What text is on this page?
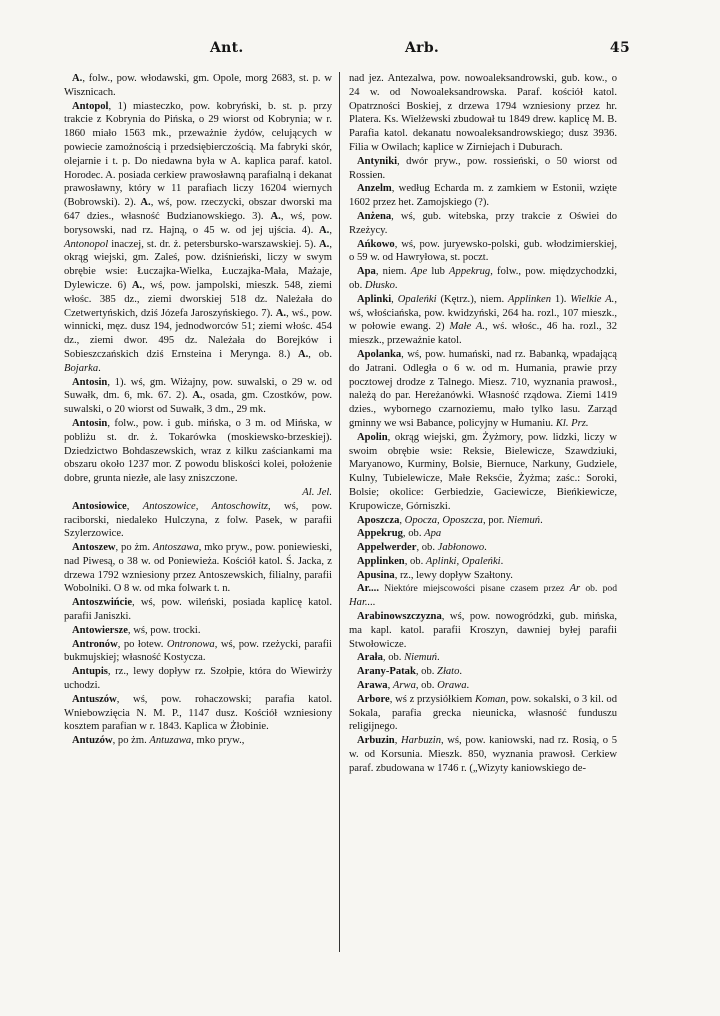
Ant.	Arb.	45

A., folw., pow. włodawski, gm. Opole, morg 2683, st. p. w Wisznicach.

Antopol, 1) miasteczko, pow. kobryński, b. st. p. przy trakcie z Kobrynia do Pińska, o 29 wiorst od Kobrynia; w r. 1860 miało 1563 mk., przeważnie żydów, celujących w powiecie zamożnością i przedsiębierczością. Ma fabryki skór, olejarnie i t. p. Do niedawna była w A. kaplica paraf. katol. Horodec. A. posiada cerkiew prawosławną parafialną i dekanat prawosławny, który w 11 parafiach liczy 16204 wiernych (Bobrowski). 2). A., wś, pow. rzeczycki, obszar dworski ma 647 dzies., własność Budzianowskiego. 3). A., wś, pow. borysowski, nad rz. Hajną, o 45 w. od jej ujścia. 4). A., Antonopol inaczej, st. dr. ż. petersbursko-warszawskiej. 5). A., okrąg wiejski, gm. Zaleś, pow. dziśnieński, liczy w swym obrębie wsie: Łuczajka-Wielka, Łuczajka-Mała, Mażaje, Dylewicze. 6) A., wś, pow. jampolski, mieszk. 548, ziemi włośc. 385 dz., ziemi dworskiej 518 dz. Należała do Czetwertyńskich, dziś Józefa Jaroszyńskiego. 7). A., wś., pow. winnicki, męz. dusz 194, jednodworców 51; ziemi włośc. 454 dz., ziemi dwor. 495 dz. Należała do Borejków i Sobieszczańskich dziś Ernsteina i Merynga. 8.) A., ob. Bojarka.

Antosin, 1). wś, gm. Wiżajny, pow. suwalski, o 29 w. od Suwałk, dm. 6, mk. 67. 2). A., osada, gm. Czostków, pow. suwalski, o 20 wiorst od Suwałk, 3 dm., 29 mk.

Antosin, folw., pow. i gub. mińska, o 3 m. od Mińska, w pobliżu st. dr. ż. Tokarówka (moskiewsko-brzeskiej). Dziedzictwo Bohdaszewskich, wraz z kilku zaściankami ma obszaru około 1237 mor. Z powodu bliskości kolei, położenie dobre, grunta niezłe, ale lasy zniszczone.

Al. Jel.

Antosiowice, Antoszowice, Antoschowitz, wś, pow. raciborski, niedaleko Hulczyna, z folw. Pasek, w parafii Szylerzowice.

Antoszew, po żm. Antoszawa, mko pryw., pow. poniewieski, nad Piwesą, o 38 w. od Poniewieża. Kościół katol. Ś. Jacka, z drzewa 1792 wzniesiony przez Antoszewskich, filialny, parafii Wobolniki. O 8 w. od mka folwark t. n.

Antoszwińcie, wś, pow. wileński, posiada kaplicę katol. parafii Janiszki.

Antowiersze, wś, pow. trocki.

Antronów, po łotew. Ontronowa, wś, pow. rzeżycki, parafii bukmujskiej; własność Kostycza.

Antupis, rz., lewy dopływ rz. Szołpie, która do Wiewirży uchodzi.

Antuszów, wś, pow. rohaczowski; parafia katol. Wniebowzięcia N. M. P., 1147 dusz. Kościół wzniesiony kosztem parafian w r. 1843. Kaplica w Żłobinie.

Antuzów, po żm. Antuzawa, mko pryw.,

nad jez. Antezalwa, pow. nowoaleksandrowski, gub. kow., o 24 w. od Nowoaleksandrowska. Paraf. kościół katol. Opatrzności Boskiej, z drzewa 1794 wzniesiony przez hr. Platera. Ks. Wielżewski zbudował tu 1849 drew. kaplicę M. B. Parafia katol. dekanatu nowoaleksandrowskiego; dusz 3936. Filia w Owilach; kaplice w Zirniejach i Duburach.

Antyniki, dwór pryw., pow. rossieński, o 50 wiorst od Rossien.

Anzelm, według Echarda m. z zamkiem w Estonii, wzięte 1602 przez het. Zamojskiego (?).

Anżena, wś, gub. witebska, przy trakcie z Oświei do Rzeżycy.

Ańkowo, wś, pow. juryewsko-polski, gub. włodzimierskiej, o 59 w. od Hawryłowa, st. poczt.

Apa, niem. Ape lub Appekrug, folw., pow. międzychodzki, ob. Dłusko.

Aplinki, Opaleńki (Kętrz.), niem. Applinken 1). Wielkie A., wś, włościańska, pow. kwidzyński, 264 ha. rozl., 107 mieszk., w połowie ewang. 2) Małe A., wś. włośc., 46 ha. rozl., 32 mieszk., przeważnie katol.

Apolanka, wś, pow. humański, nad rz. Babanką, wpadającą do Jatrani. Odległa o 6 w. od m. Humania, prawie przy pocztowej drodze z Talnego. Miesz. 710, wyznania prawosł., należą do par. Hereżanówki. Własność rządowa. Ziemi 1419 dzies., wybornego czarnoziemu, mało tylko lasu. Zarząd gminny we wsi Babance, policyjny w Humaniu. Kl. Prz.

Apolin, okrąg wiejski, gm. Żyżmory, pow. lidzki, liczy w swoim obrębie wsie: Reksie, Bielewicze, Szawdziuki, Maryanowo, Kurminy, Bolsie, Biernuce, Narkuny, Gudziele, Kulny, Tubielewicze, Małe Reksćie, Żyżma; zaśc.: Soroki, Bolsie; okolice: Gerbiedzie, Gaciewicze, Bieńkiewicze, Krupowicze, Górniszki.

Aposzcza, Opocza, Oposzcza, por. Niemuń.

Appekrug, ob. Apa

Appelwerder, ob. Jabłonowo.

Applinken, ob. Aplinki, Opaleńki.

Apusina, rz., lewy dopływ Szałtony.

Ar.... Niektóre miejscowości pisane czasem przez Ar ob. pod Har....

Arabinowszczyzna, wś, pow. nowogródzki, gub. mińska, ma kapl. katol. parafii Kroszyn, dawniej byłej parafii Stwołowicze.

Arała, ob. Niemuń.

Arany-Patak, ob. Złato.

Arawa, Arwa, ob. Orawa.

Arbore, wś z przysiółkiem Koman, pow. sokalski, o 3 kil. od Sokala, parafia grecka nieunicka, własność funduszu religijnego.

Arbuzin, Harbuzin, wś, pow. kaniowski, nad rz. Rosią, o 5 w. od Korsunia. Mieszk. 850, wyznania prawosł. Cerkiew paraf. zbudowana w 1746 r. („Wizyty kaniowskiego de-
